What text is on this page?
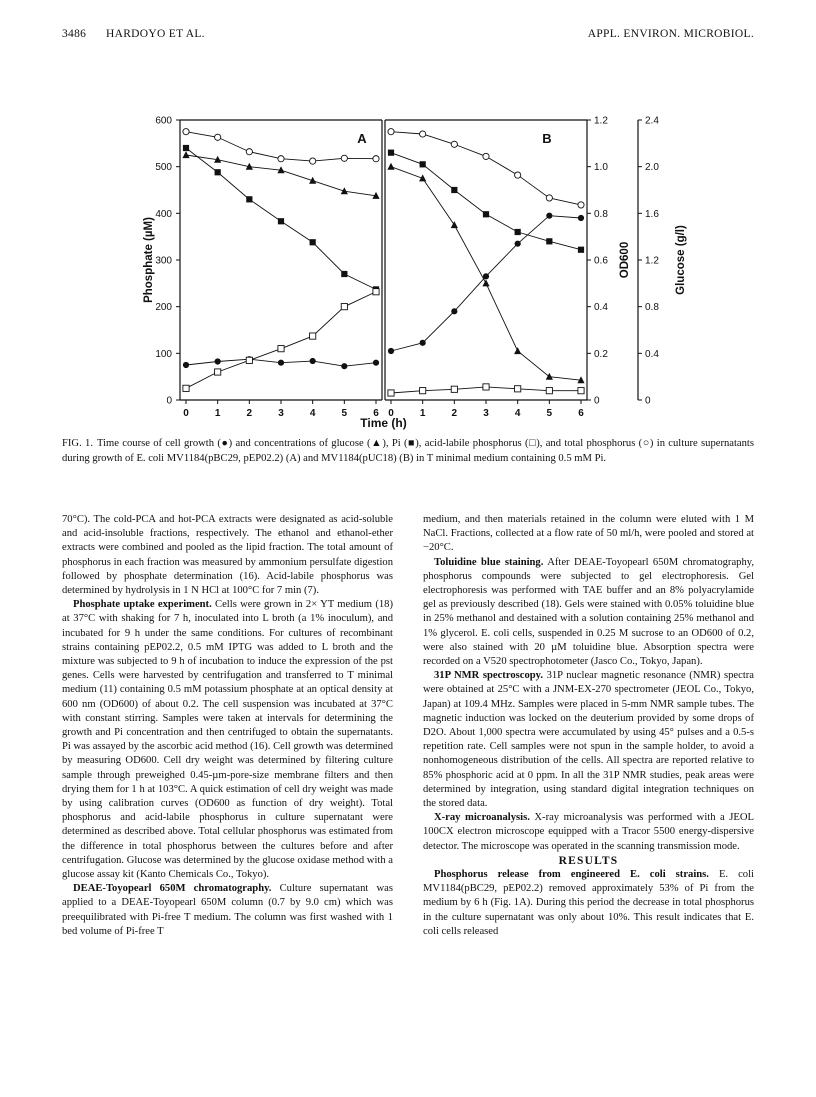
3486 HARDOYO ET AL.	APPL. ENVIRON. MICROBIOL.
0
100
200
300
400
500
600
Phosphate (µM)
0
0.2
0.4
0.6
0.8
1.0
1.2
OD600
0
0.4
0.8
1.2
1.6
2.0
2.4
Glucose (g/l)
0	1	2	3	4	5	6 0	1	2	3	4	5	6
A	B
Time (h)
FIG. 1. Time course of cell growth (●) and concentrations of glucose (▲), Pi (■), acid-labile phosphorus (□), and total phosphorus (○) in culture supernatants during growth of E. coli MV1184(pBC29, pEP02.2) (A) and MV1184(pUC18) (B) in T minimal medium containing 0.5 mM Pi.

70°C). The cold-PCA and hot-PCA extracts were designated as acid-soluble and acid-insoluble fractions, respectively. The ethanol and ethanol-ether extracts were combined and pooled as the lipid fraction. The total amount of phosphorus in each fraction was measured by ammonium persulfate digestion followed by phosphate determination (16). Acid-labile phosphorus was determined by hydrolysis in 1 N HCl at 100°C for 7 min (7).

Phosphate uptake experiment. Cells were grown in 2× YT medium (18) at 37°C with shaking for 7 h, inoculated into L broth (a 1% inoculum), and incubated for 9 h under the same conditions. For cultures of recombinant strains containing pEP02.2, 0.5 mM IPTG was added to L broth and the mixture was subjected to 9 h of incubation to induce the expression of the pst genes. Cells were harvested by centrifugation and transferred to T minimal medium (11) containing 0.5 mM potassium phosphate at an optical density at 600 nm (OD600) of about 0.2. The cell suspension was incubated at 37°C with constant stirring. Samples were taken at intervals for determining the growth and Pi concentration and then centrifuged to obtain the supernatants. Pi was assayed by the ascorbic acid method (16). Cell growth was determined by measuring OD600. Cell dry weight was determined by filtering culture sample through preweighed 0.45-µm-pore-size membrane filters and then drying them for 1 h at 103°C. A quick estimation of cell dry weight was made by using calibration curves (OD600 as function of dry weight). Total phosphorus and acid-labile phosphorus in culture supernatant were determined as described above. Total cellular phosphorus was estimated from the difference in total phosphorus between the cultures before and after centrifugation. Glucose was determined by the glucose oxidase method with a glucose assay kit (Kanto Chemicals Co., Tokyo).

DEAE-Toyopearl 650M chromatography. Culture supernatant was applied to a DEAE-Toyopearl 650M column (0.7 by 9.0 cm) which was preequilibrated with Pi-free T medium. The column was first washed with 1 bed volume of Pi-free T

medium, and then materials retained in the column were eluted with 1 M NaCl. Fractions, collected at a flow rate of 50 ml/h, were pooled and stored at −20°C.

Toluidine blue staining. After DEAE-Toyopearl 650M chromatography, phosphorus compounds were subjected to gel electrophoresis. Gel electrophoresis was performed with TAE buffer and an 8% polyacrylamide gel as previously described (18). Gels were stained with 0.05% toluidine blue in 25% methanol and destained with a solution containing 25% methanol and 1% glycerol. E. coli cells, suspended in 0.25 M sucrose to an OD600 of 0.2, were also stained with 20 µM toluidine blue. Absorption spectra were recorded on a V520 spectrophotometer (Jasco Co., Tokyo, Japan).

31P NMR spectroscopy. 31P nuclear magnetic resonance (NMR) spectra were obtained at 25°C with a JNM-EX-270 spectrometer (JEOL Co., Tokyo, Japan) at 109.4 MHz. Samples were placed in 5-mm NMR sample tubes. The magnetic induction was locked on the deuterium provided by some drops of D2O. About 1,000 spectra were accumulated by using 45° pulses and a 0.5-s repetition rate. Cell samples were not spun in the sample holder, to avoid a nonhomogeneous distribution of the cells. All spectra are reported relative to 85% phosphoric acid at 0 ppm. In all the 31P NMR studies, peak areas were determined by integration, using standard digital integration techniques on the stored data.

X-ray microanalysis. X-ray microanalysis was performed with a JEOL 100CX electron microscope equipped with a Tracor 5500 energy-dispersive detector. The microscope was operated in the scanning transmission mode.

RESULTS

Phosphorus release from engineered E. coli strains. E. coli MV1184(pBC29, pEP02.2) removed approximately 53% of Pi from the medium by 6 h (Fig. 1A). During this period the decrease in total phosphorus in the culture supernatant was only about 10%. This result indicates that E. coli cells released
